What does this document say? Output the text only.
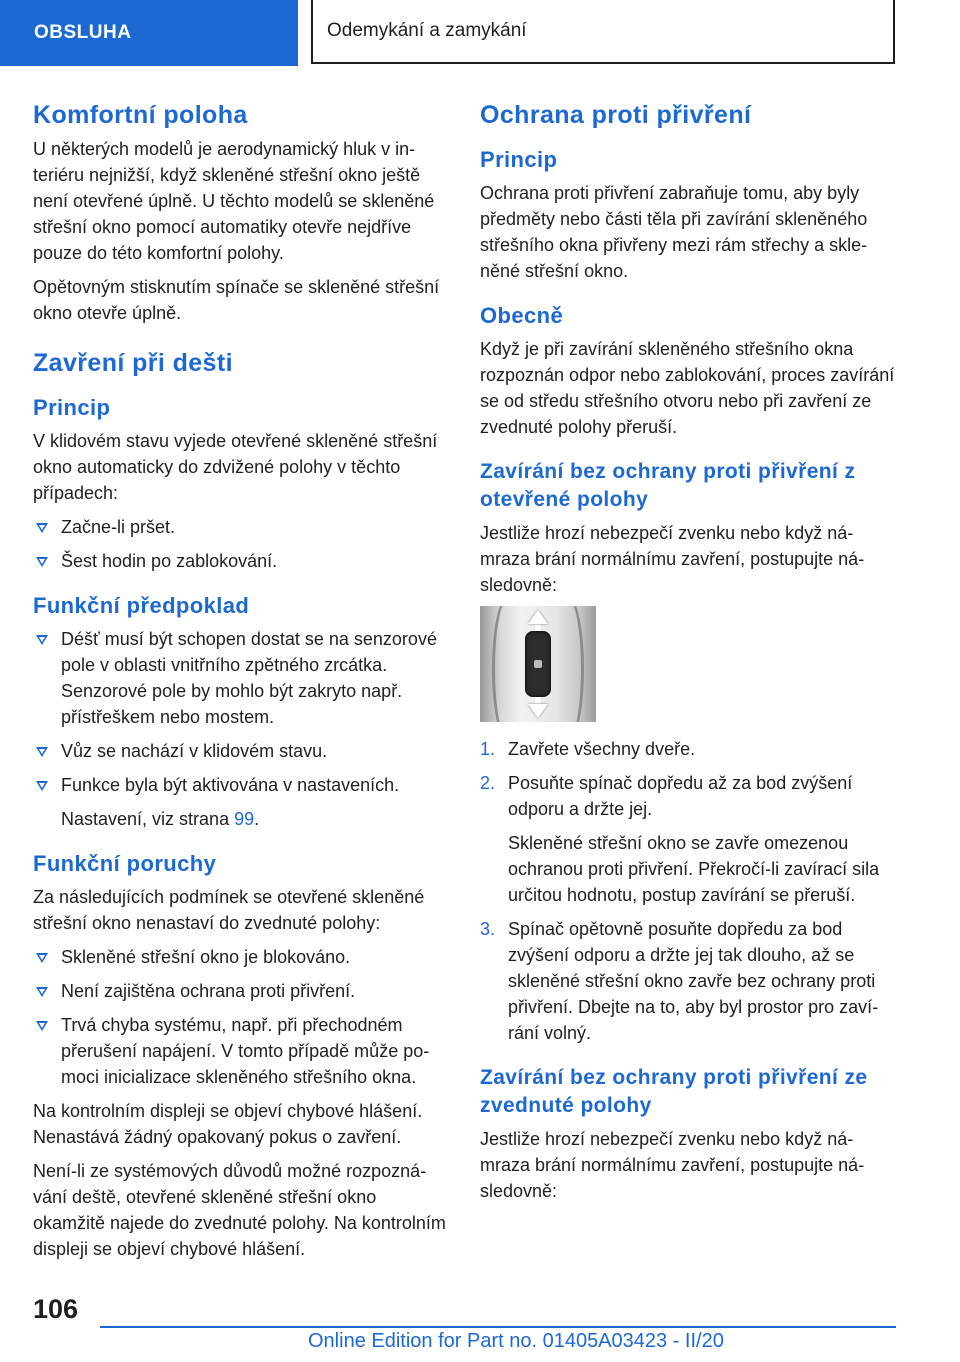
OBSLUHA	Odemykání a zamykání
Komfortní poloha

U některých modelů je aerodynamický hluk v interiéru nejnižší, když skleněné střešní okno ještě není otevřené úplně. U těchto modelů se skleněné střešní okno pomocí automatiky otevře nejdříve pouze do této komfortní polohy.

Opětovným stisknutím spínače se skleněné střešní okno otevře úplně.

Zavření při dešti
Princip

V klidovém stavu vyjede otevřené skleněné střešní okno automaticky do zdvižené polohy v těchto případech:

Začne-li pršet.
Šest hodin po zablokování.
Funkční předpoklad
Déšť musí být schopen dostat se na senzorové pole v oblasti vnitřního zpětného zrcátka. Senzorové pole by mohlo být zakryto např. přístřeškem nebo mostem.
Vůz se nachází v klidovém stavu.
Funkce byla být aktivována v nastaveních.
Nastavení, viz strana 99.
Funkční poruchy

Za následujících podmínek se otevřené skleněné střešní okno nenastaví do zvednuté polohy:

Skleněné střešní okno je blokováno.
Není zajištěna ochrana proti přivření.
Trvá chyba systému, např. při přechodném přerušení napájení. V tomto případě může pomoci inicializace skleněného střešního okna.

Na kontrolním displeji se objeví chybové hlášení. Nenastává žádný opakovaný pokus o zavření.

Není-li ze systémových důvodů možné rozpoznávání deště, otevřené skleněné střešní okno okamžitě najede do zvednuté polohy. Na kontrolním displeji se objeví chybové hlášení.

Ochrana proti přivření
Princip

Ochrana proti přivření zabraňuje tomu, aby byly předměty nebo části těla při zavírání skleněného střešního okna přivřeny mezi rám střechy a skleněné střešní okno.

Obecně

Když je při zavírání skleněného střešního okna rozpoznán odpor nebo zablokování, proces zavírání se od středu střešního otvoru nebo při zavření ze zvednuté polohy přeruší.

Zavírání bez ochrany proti přivření z otevřené polohy

Jestliže hrozí nebezpečí zvenku nebo když námraza brání normálnímu zavření, postupujte následovně:

1. Zavřete všechny dveře.
2. Posuňte spínač dopředu až za bod zvýšení odporu a držte jej.
Skleněné střešní okno se zavře omezenou ochranou proti přivření. Překročí-li zavírací sila určitou hodnotu, postup zavírání se přeruší.
3. Spínač opětovně posuňte dopředu za bod zvýšení odporu a držte jej tak dlouho, až se skleněné střešní okno zavře bez ochrany proti přivření. Dbejte na to, aby byl prostor pro zavírání volný.
Zavírání bez ochrany proti přivření ze zvednuté polohy

Jestliže hrozí nebezpečí zvenku nebo když námraza brání normálnímu zavření, postupujte následovně:

106
Online Edition for Part no. 01405A03423 - II/20
